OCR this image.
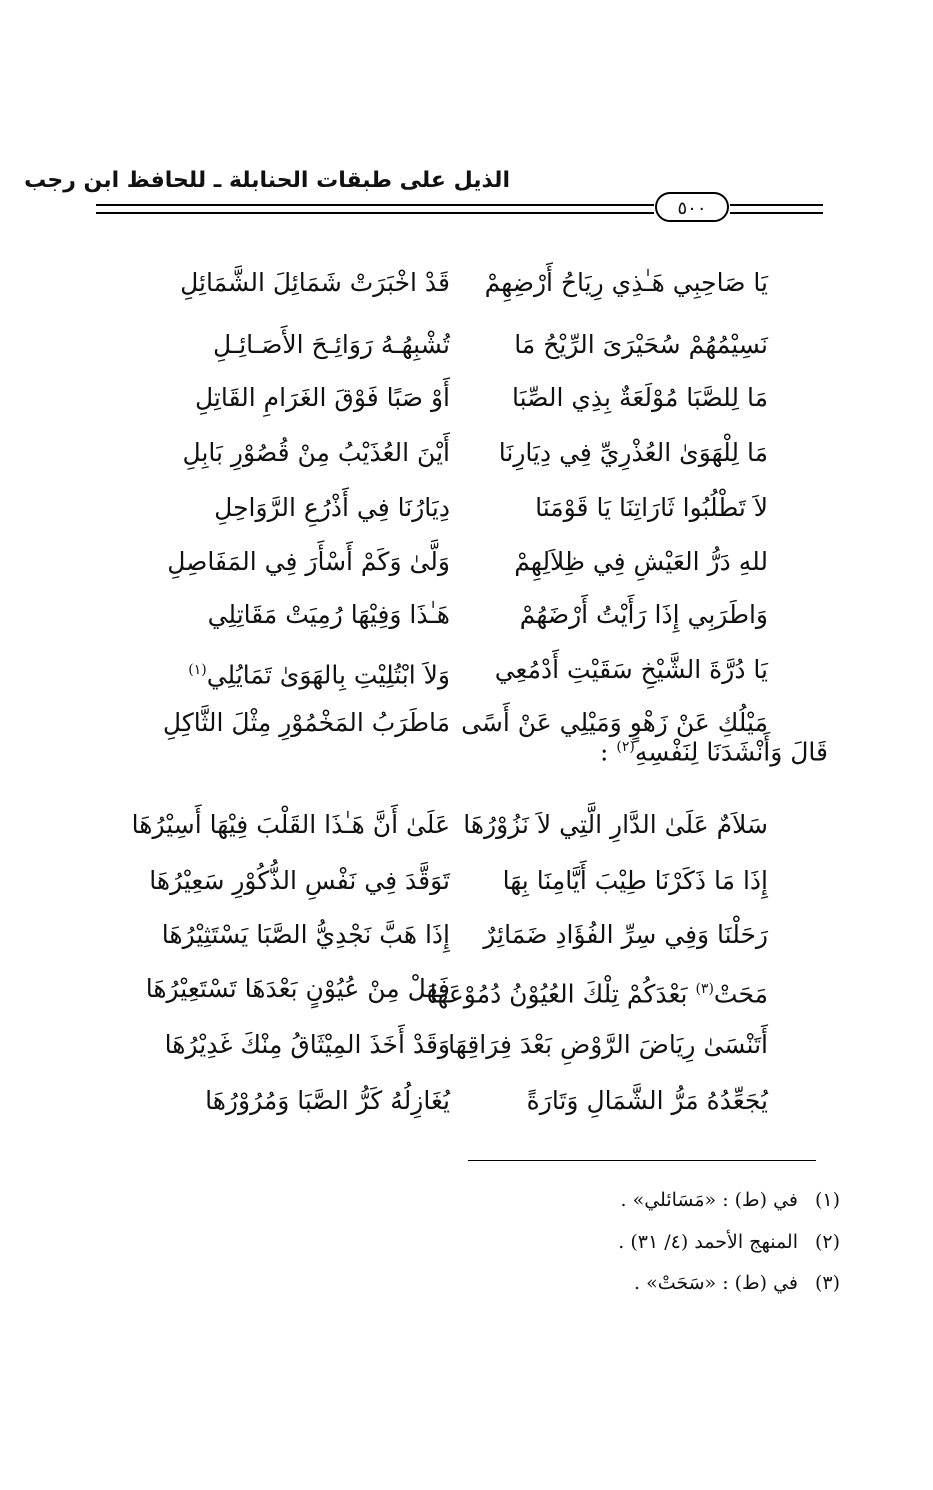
الذيل على طبقات الحنابلة ـ للحافظ ابن رجب
٥٠٠
يَا صَاحِبِي هَـٰذِي رِيَاحُ أَرْضِهِمْ
قَدْ اخْبَرَتْ شَمَائِلَ الشَّمَائِلِ
نَسِيْمُهُمْ سُحَيْرَىَ الرِّيْحُ مَا
تُشْبِهُـهُ رَوَائِـحَ الأَصَـائِـلِ
مَا لِلصَّبَا مُوْلَعَةٌ بِذِي الصِّبَا
أَوْ صَبًا فَوْقَ الغَرَامِ القَاتِلِ
مَا لِلْهَوَىٰ العُذْرِيِّ فِي دِيَارِنَا
أَيْنَ العُذَيْبُ مِنْ قُصُوْرِ بَابِلِ
لاَ تَطْلُبُوا ثَارَاتِنَا يَا قَوْمَنَا
دِيَارُنَا فِي أَذْرُعِ الرَّوَاحِلِ
للهِ دَرُّ العَيْشِ فِي ظِلاَلِهِمْ
وَلَّىٰ وَكَمْ أَسْأَرَ فِي المَفَاصِلِ
وَاطَرَبِي إِذَا رَأَيْتُ أَرْضَهُمْ
هَـٰذَا وَفِيْهَا رُمِيَتْ مَقَاتِلِي
يَا دُرَّةَ الشَّيْخِ سَقَيْتِ أَدْمُعِي
وَلاَ ابْتُلِيْتِ بِالهَوَىٰ تَمَايُلِي$^{(١)}$
مَيْلُكِ عَنْ زَهْوٍ وَمَيْلِي عَنْ أَسًى
مَاطَرَبُ المَخْمُوْرِ مِثْلَ الثَّاكِلِ
قَالَ وَأَنْشَدَنَا لِنَفْسِهِ$^{(٢)}$ :
سَلاَمٌ عَلَىٰ الدَّارِ الَّتِي لاَ نَزُوْرُهَا
عَلَىٰ أَنَّ هَـٰذَا القَلْبَ فِيْهَا أَسِيْرُهَا
إِذَا مَا ذَكَرْنَا طِيْبَ أَيَّامِنَا بِهَا
تَوَقَّدَ فِي نَفْسِ الذُّكُوْرِ سَعِيْرُهَا
رَحَلْنَا وَفِي سِرِّ الفُؤَادِ ضَمَائِرٌ
إِذَا هَبَّ نَجْدِيُّ الصَّبَا يَسْتَثِيْرُهَا
مَحَتْ$^{(٣)}$ بَعْدَكُمْ تِلْكَ العُيُوْنُ دُمُوْعَهَا
فَهَلْ مِنْ عُيُوْنٍ بَعْدَهَا تَسْتَعِيْرُهَا
أَتَنْسَىٰ رِيَاضَ الرَّوْضِ بَعْدَ فِرَاقِهَا
وَقَدْ أَخَذَ المِيْثَاقُ مِنْكَ غَدِيْرُهَا
يُجَعِّدُهُ مَرُّ الشَّمَالِ وَتَارَةً
يُغَازِلُهُ كَرُّ الصَّبَا وَمُرُوْرُهَا
(١)في (ط) : «مَسَائلي» .
(٢)المنهج الأحمد (٤/ ٣١) .
(٣)في (ط) : «سَحَتْ» .
